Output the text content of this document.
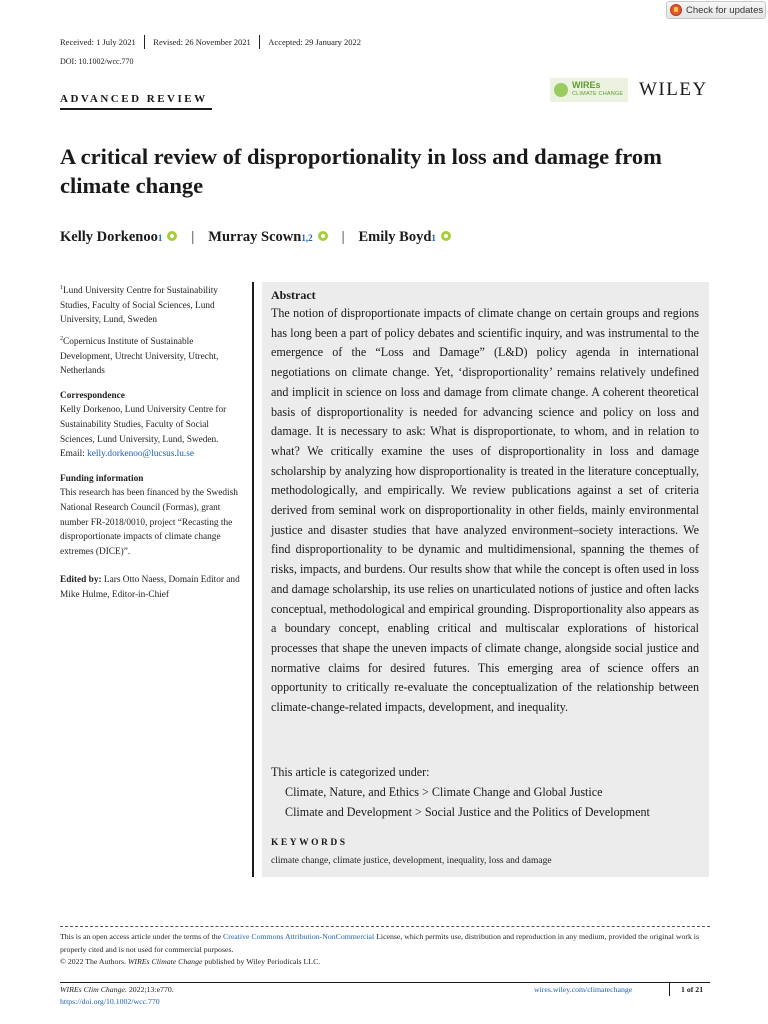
Check for updates
Received: 1 July 2021 Revised: 26 November 2021 Accepted: 29 January 2022
DOI: 10.1002/wcc.770
ADVANCED REVIEW
WIREs
CLIMATE CHANGE WILEY
A critical review of disproportionality in loss and damage from climate change
Kelly Dorkenoo 1 | Murray Scown 1,2 | Emily Boyd 1

$^1$Lund University Centre for Sustainability Studies, Faculty of Social Sciences, Lund University, Lund, Sweden

$^2$Copernicus Institute of Sustainable Development, Utrecht University, Utrecht, Netherlands

Correspondence

Kelly Dorkenoo, Lund University Centre for Sustainability Studies, Faculty of Social Sciences, Lund University, Lund, Sweden.

Email: kelly.dorkenoo@lucsus.lu.se

Funding information

This research has been financed by the Swedish National Research Council (Formas), grant number FR-2018/0010, project “Recasting the disproportionate impacts of climate change extremes (DICE)”.

Edited by: Lars Otto Naess, Domain Editor and Mike Hulme, Editor-in-Chief

Abstract
The notion of disproportionate impacts of climate change on certain groups and regions has long been a part of policy debates and scientific inquiry, and was instrumental to the emergence of the “Loss and Damage” (L&D) policy agenda in international negotiations on climate change. Yet, ‘disproportionality’ remains relatively undefined and implicit in science on loss and damage from climate change. A coherent theoretical basis of disproportionality is needed for advancing science and policy on loss and damage. It is necessary to ask: What is disproportionate, to whom, and in relation to what? We critically examine the uses of disproportionality in loss and damage scholarship by analyzing how disproportionality is treated in the literature conceptually, methodologically, and empirically. We review publications against a set of criteria derived from seminal work on disproportionality in other fields, mainly environmental justice and disaster studies that have analyzed environment–society interactions. We find disproportionality to be dynamic and multidimensional, spanning the themes of risks, impacts, and burdens. Our results show that while the concept is often used in loss and damage scholarship, its use relies on unarticulated notions of justice and often lacks conceptual, methodological and empirical grounding. Disproportionality also appears as a boundary concept, enabling critical and multiscalar explorations of historical processes that shape the uneven impacts of climate change, alongside social justice and normative claims for desired futures. This emerging area of science offers an opportunity to critically re-evaluate the conceptualization of the relationship between climate-change-related impacts, development, and inequality.
This article is categorized under:
Climate, Nature, and Ethics > Climate Change and Global Justice
Climate and Development > Social Justice and the Politics of Development
KEYWORDS
climate change, climate justice, development, inequality, loss and damage
This is an open access article under the terms of the Creative Commons Attribution-NonCommercial License, which permits use, distribution and reproduction in any medium, provided the original work is properly cited and is not used for commercial purposes.
© 2022 The Authors. WIREs Climate Change published by Wiley Periodicals LLC.
WIREs Clim Change. 2022;13:e770.
https://doi.org/10.1002/wcc.770
wires.wiley.com/climatechange	1 of 21
